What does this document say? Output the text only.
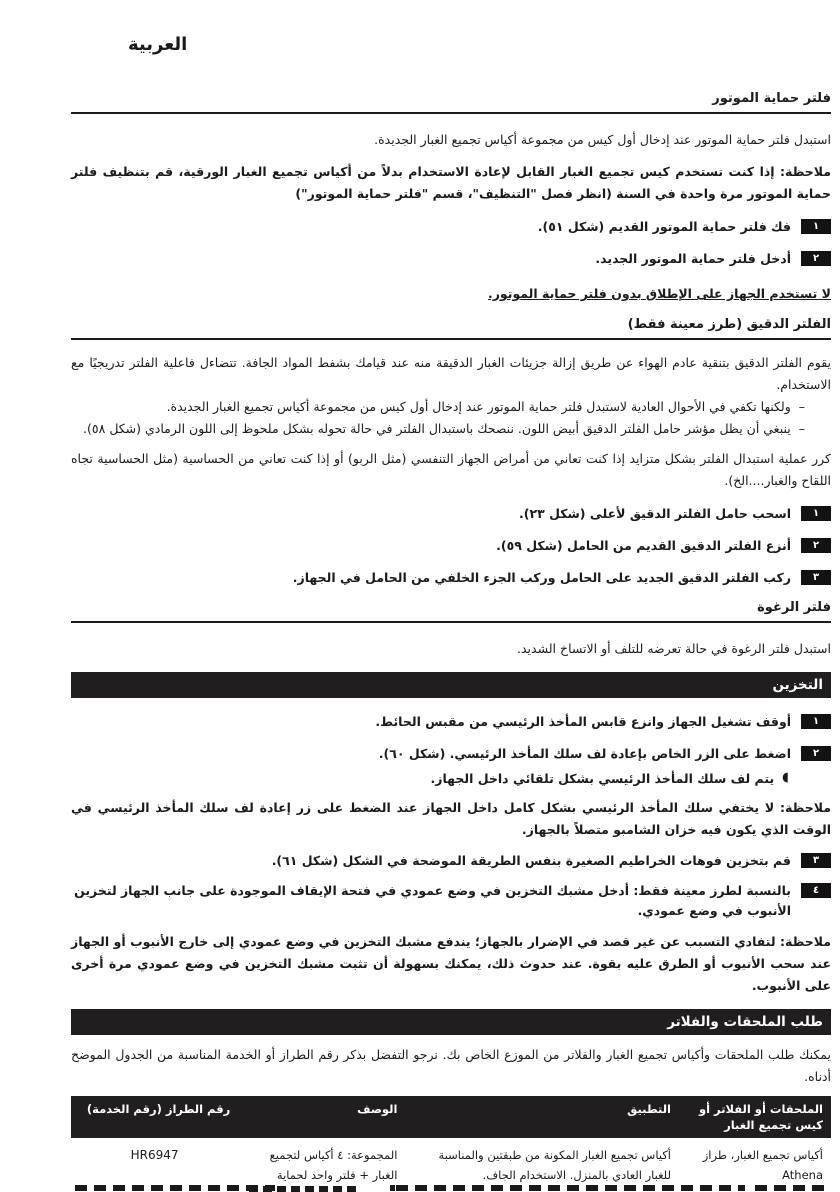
العربية
فلتر حماية الموتور
استبدل فلتر حماية الموتور عند إدخال أول كيس من مجموعة أكياس تجميع الغبار الجديدة.
ملاحظة: إذا كنت تستخدم كيس تجميع الغبار القابل لإعادة الاستخدام بدلاً من أكياس تجميع الغبار الورقية، قم بتنظيف فلتر حماية الموتور مرة واحدة في السنة (انظر فصل "التنظيف"، قسم "فلتر حماية الموتور")
١
فك فلتر حماية الموتور القديم (شكل ٥١).
٢
أدخل فلتر حماية الموتور الجديد.
لا تستخدم الجهاز على الإطلاق بدون فلتر حماية الموتور.
الفلتر الدقيق (طرز معينة فقط)
يقوم الفلتر الدقيق بتنقية عادم الهواء عن طريق إزالة جزيئات الغبار الدقيقة منه عند قيامك بشفط المواد الجافة. تتضاءل فاعلية الفلتر تدريجيًا مع الاستخدام.
–
ولكنها تكفي في الأحوال العادية لاستبدل فلتر حماية الموتور عند إدخال أول كيس من مجموعة أكياس تجميع الغبار الجديدة.
–
ينبغي أن يظل مؤشر حامل الفلتر الدقيق أبيض اللون. ننصحك باستبدال الفلتر في حالة تحوله بشكل ملحوظ إلى اللون الرمادي (شكل ٥٨).
كرر عملية استبدال الفلتر بشكل متزايد إذا كنت تعاني من أمراض الجهاز التنفسي (مثل الربو) أو إذا كنت تعاني من الحساسية (مثل الحساسية تجاه اللقاح والغبار....الخ).
١
اسحب حامل الفلتر الدقيق لأعلى (شكل ٢٣).
٢
أنزع الفلتر الدقيق القديم من الحامل (شكل ٥٩).
٣
ركب الفلتر الدقيق الجديد على الحامل وركب الجزء الخلفي من الحامل في الجهاز.
فلتر الرغوة
استبدل فلتر الرغوة في حالة تعرضه للتلف أو الاتساخ الشديد.
التخزين
١
أوقف تشغيل الجهاز وانزع قابس المأخذ الرئيسي من مقبس الحائط.
٢
اضغط على الزر الخاص بإعادة لف سلك المأخذ الرئيسي. (شكل ٦٠).
◖
يتم لف سلك المأخذ الرئيسي بشكل تلقائي داخل الجهاز.
ملاحظة: لا يختفي سلك المأخذ الرئيسي بشكل كامل داخل الجهاز عند الضغط على زر إعادة لف سلك المأخذ الرئيسي في الوقت الذي يكون فيه خزان الشامبو متصلاً بالجهاز.
٣
قم بتخزين فوهات الخراطيم الصغيرة بنفس الطريقة الموضحة في الشكل (شكل ٦١).
٤
بالنسبة لطرز معينة فقط: أدخل مشبك التخزين في وضع عمودي في فتحة الإيقاف الموجودة على جانب الجهاز لتخزين الأنبوب في وضع عمودي.
ملاحظة: لتفادي التسبب عن غير قصد في الإضرار بالجهاز؛ يندفع مشبك التخزين في وضع عمودي إلى خارج الأنبوب أو الجهاز عند سحب الأنبوب أو الطرق عليه بقوة. عند حدوث ذلك، يمكنك بسهولة أن تثبت مشبك التخزين في وضع عمودي مرة أخرى على الأنبوب.
طلب الملحقات والفلاتر
يمكنك طلب الملحقات وأكياس تجميع الغبار والفلاتر من الموزع الخاص بك. نرجو التفضل بذكر رقم الطراز أو الخدمة المناسبة من الجدول الموضح أدناه.
الملحقات أو الفلاتر أو كيس تجميع الغبار	التطبيق	الوصف	رقم الطراز (رقم الخدمة)
أكياس تجميع الغبار، طراز Athena	أكياس تجميع الغبار المكونة من طبقتين والمناسبة للغبار العادي بالمنزل. الاستخدام الجاف.	المجموعة: ٤ أكياس لتجميع الغبار + فلتر واحد لحماية	HR6947
